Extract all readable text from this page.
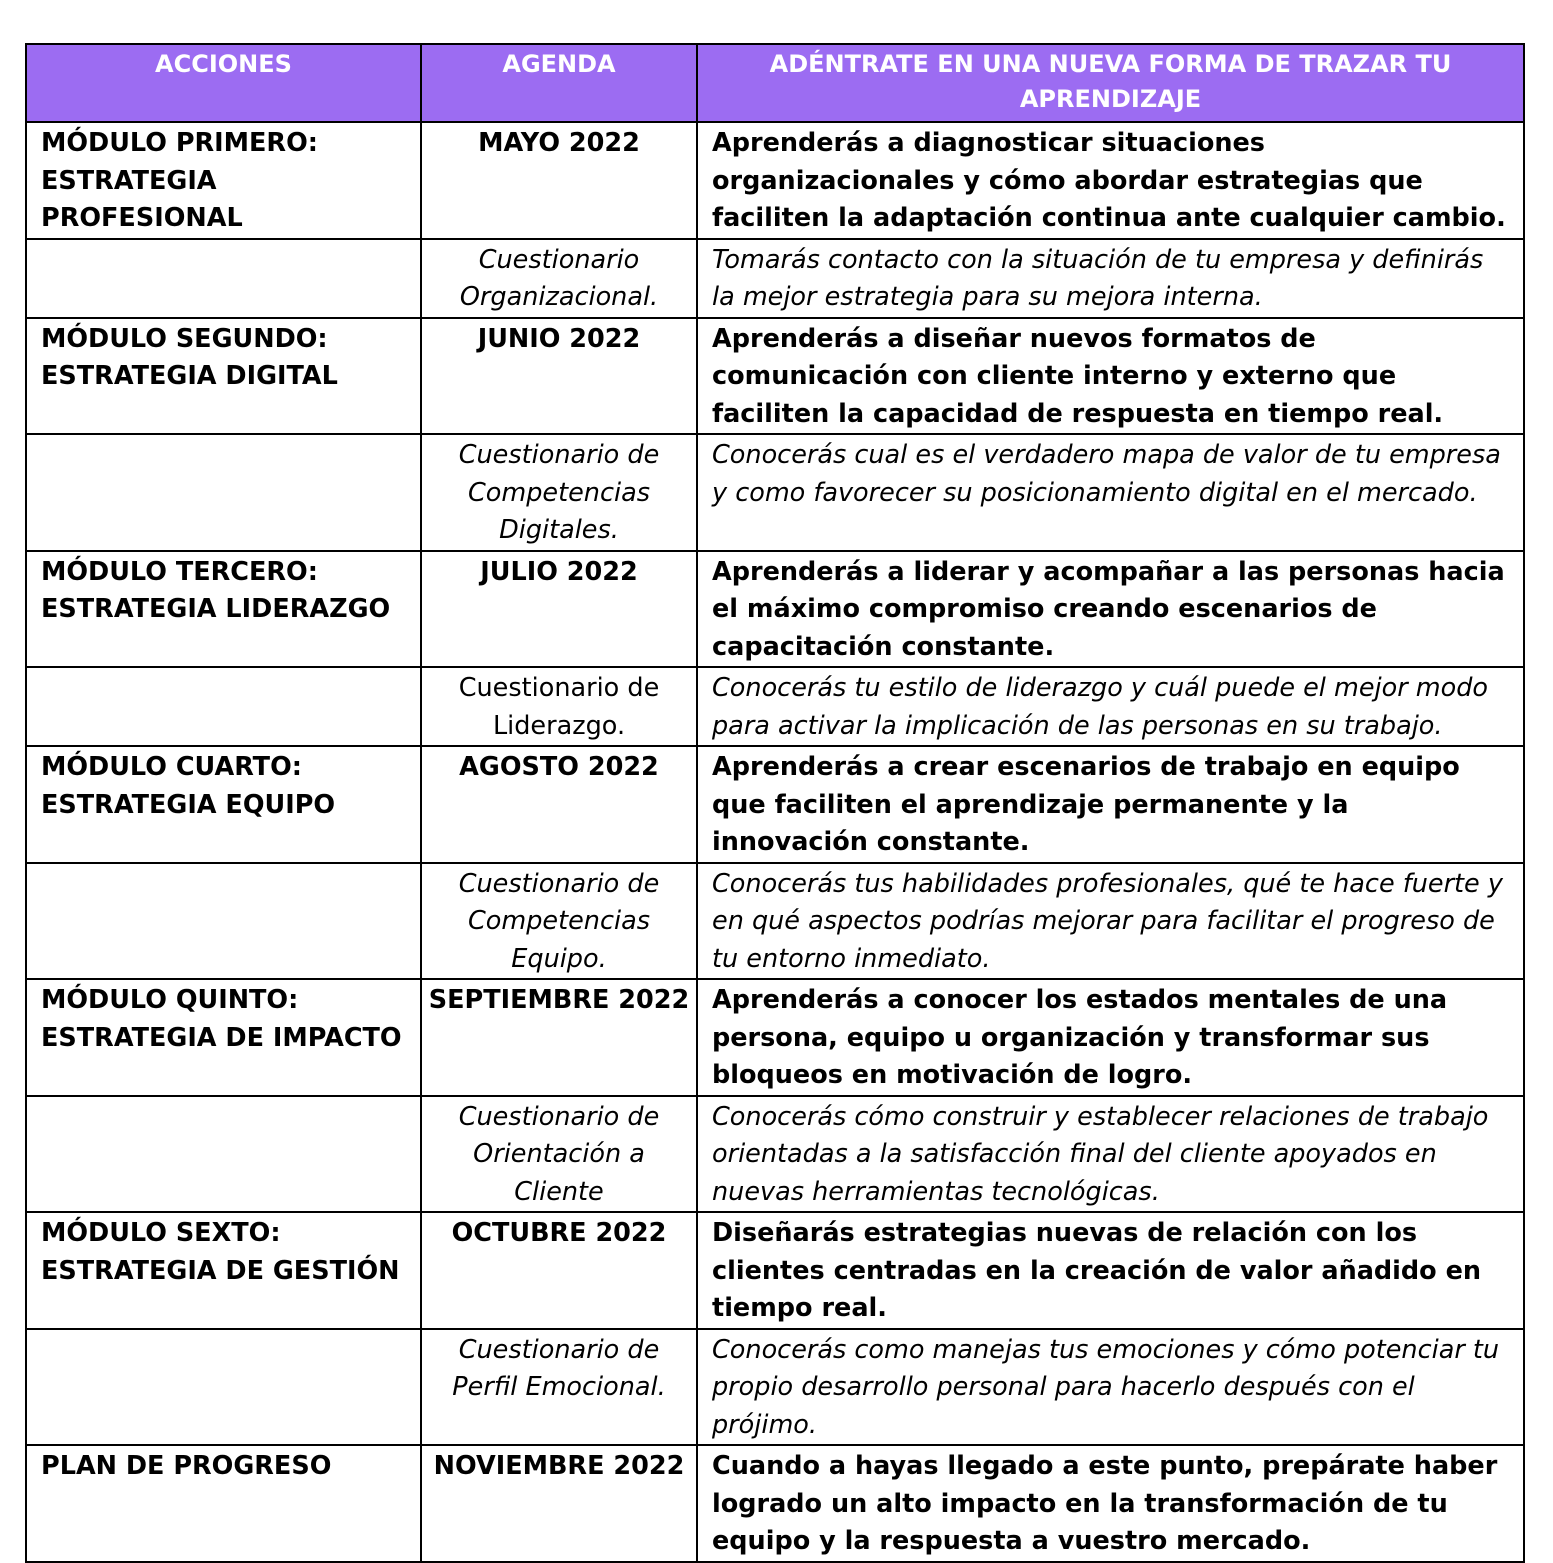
ACCIONES	AGENDA	ADÉNTRATE EN UNA NUEVA FORMA DE TRAZAR TU APRENDIZAJE
MÓDULO PRIMERO: ESTRATEGIA PROFESIONAL	MAYO 2022	Aprenderás a diagnosticar situaciones organizacionales y cómo abordar estrategias que faciliten la adaptación continua ante cualquier cambio.
	Cuestionario Organizacional.	Tomarás contacto con la situación de tu empresa y definirás la mejor estrategia para su mejora interna.
MÓDULO SEGUNDO: ESTRATEGIA DIGITAL	JUNIO 2022	Aprenderás a diseñar nuevos formatos de comunicación con cliente interno y externo que faciliten la capacidad de respuesta en tiempo real.
	Cuestionario de Competencias Digitales.	Conocerás cual es el verdadero mapa de valor de tu empresa y como favorecer su posicionamiento digital en el mercado.
MÓDULO TERCERO: ESTRATEGIA LIDERAZGO	JULIO 2022	Aprenderás a liderar y acompañar a las personas hacia el máximo compromiso creando escenarios de capacitación constante.
	Cuestionario de Liderazgo.	Conocerás tu estilo de liderazgo y cuál puede el mejor modo para activar la implicación de las personas en su trabajo.
MÓDULO CUARTO: ESTRATEGIA EQUIPO	AGOSTO 2022	Aprenderás a crear escenarios de trabajo en equipo que faciliten el aprendizaje permanente y la innovación constante.
	Cuestionario de Competencias Equipo.	Conocerás tus habilidades profesionales, qué te hace fuerte y en qué aspectos podrías mejorar para facilitar el progreso de tu entorno inmediato.
MÓDULO QUINTO: ESTRATEGIA DE IMPACTO	SEPTIEMBRE 2022	Aprenderás a conocer los estados mentales de una persona, equipo u organización y transformar sus bloqueos en motivación de logro.
	Cuestionario de Orientación a Cliente	Conocerás cómo construir y establecer relaciones de trabajo orientadas a la satisfacción final del cliente apoyados en nuevas herramientas tecnológicas.
MÓDULO SEXTO: ESTRATEGIA DE GESTIÓN	OCTUBRE 2022	Diseñarás estrategias nuevas de relación con los clientes centradas en la creación de valor añadido en tiempo real.
	Cuestionario de Perfil Emocional.	Conocerás como manejas tus emociones y cómo potenciar tu propio desarrollo personal para hacerlo después con el prójimo.
PLAN DE PROGRESO	NOVIEMBRE 2022	Cuando a hayas llegado a este punto, prepárate haber logrado un alto impacto en la transformación de tu equipo y la respuesta a vuestro mercado.
